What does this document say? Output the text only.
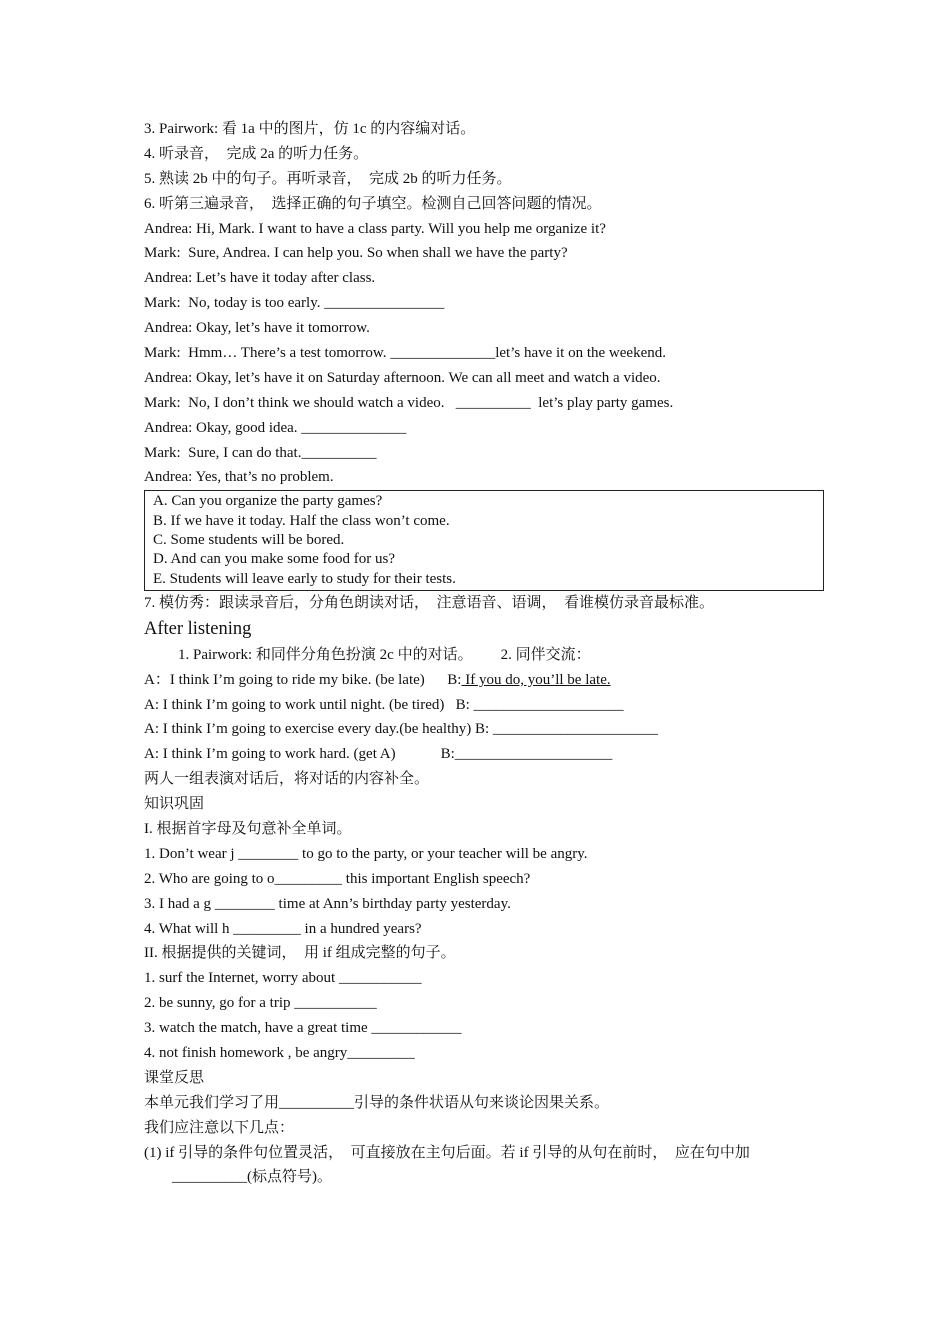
3. Pairwork: 看 1a 中的图片，仿 1c 的内容编对话。
4. 听录音，  完成 2a 的听力任务。
5. 熟读 2b 中的句子。再听录音，  完成 2b 的听力任务。
6. 听第三遍录音，  选择正确的句子填空。检测自己回答问题的情况。
Andrea: Hi, Mark. I want to have a class party. Will you help me organize it?
Mark:  Sure, Andrea. I can help you. So when shall we have the party?
Andrea: Let’s have it today after class.
Mark:  No, today is too early. ________________
Andrea: Okay, let’s have it tomorrow.
Mark:  Hmm… There’s a test tomorrow. ______________let’s have it on the weekend.
Andrea: Okay, let’s have it on Saturday afternoon. We can all meet and watch a video.
Mark:  No, I don’t think we should watch a video.   __________  let’s play party games.
Andrea: Okay, good idea. ______________
Mark:  Sure, I can do that.__________
Andrea: Yes, that’s no problem.
A. Can you organize the party games?
B. If we have it today. Half the class won’t come.
C. Some students will be bored.
D. And can you make some food for us?
E. Students will leave early to study for their tests.
7. 模仿秀：跟读录音后，分角色朗读对话，  注意语音、语调，  看谁模仿录音最标准。
After listening
1. Pairwork: 和同伴分角色扮演 2c 中的对话。 2. 同伴交流：
A：I think I’m going to ride my bike. (be late) B: If you do, you’ll be late.
A: I think I’m going to work until night. (be tired) B: ____________________
A: I think I’m going to exercise every day.(be healthy) B: ______________________
A: I think I’m going to work hard. (get A)	B:_____________________
两人一组表演对话后，将对话的内容补全。
知识巩固
I. 根据首字母及句意补全单词。
1. Don’t wear j ________ to go to the party, or your teacher will be angry.
2. Who are going to o_________ this important English speech?
3. I had a g ________ time at Ann’s birthday party yesterday.
4. What will h _________ in a hundred years?
II. 根据提供的关键词，  用 if 组成完整的句子。
1. surf the Internet, worry about ___________
2. be sunny, go for a trip ___________
3. watch the match, have a great time ____________
4. not finish homework , be angry_________
课堂反思
本单元我们学习了用__________引导的条件状语从句来谈论因果关系。
我们应注意以下几点：
(1) if 引导的条件句位置灵活，  可直接放在主句后面。若 if 引导的从句在前时，  应在句中加
__________(标点符号)。
